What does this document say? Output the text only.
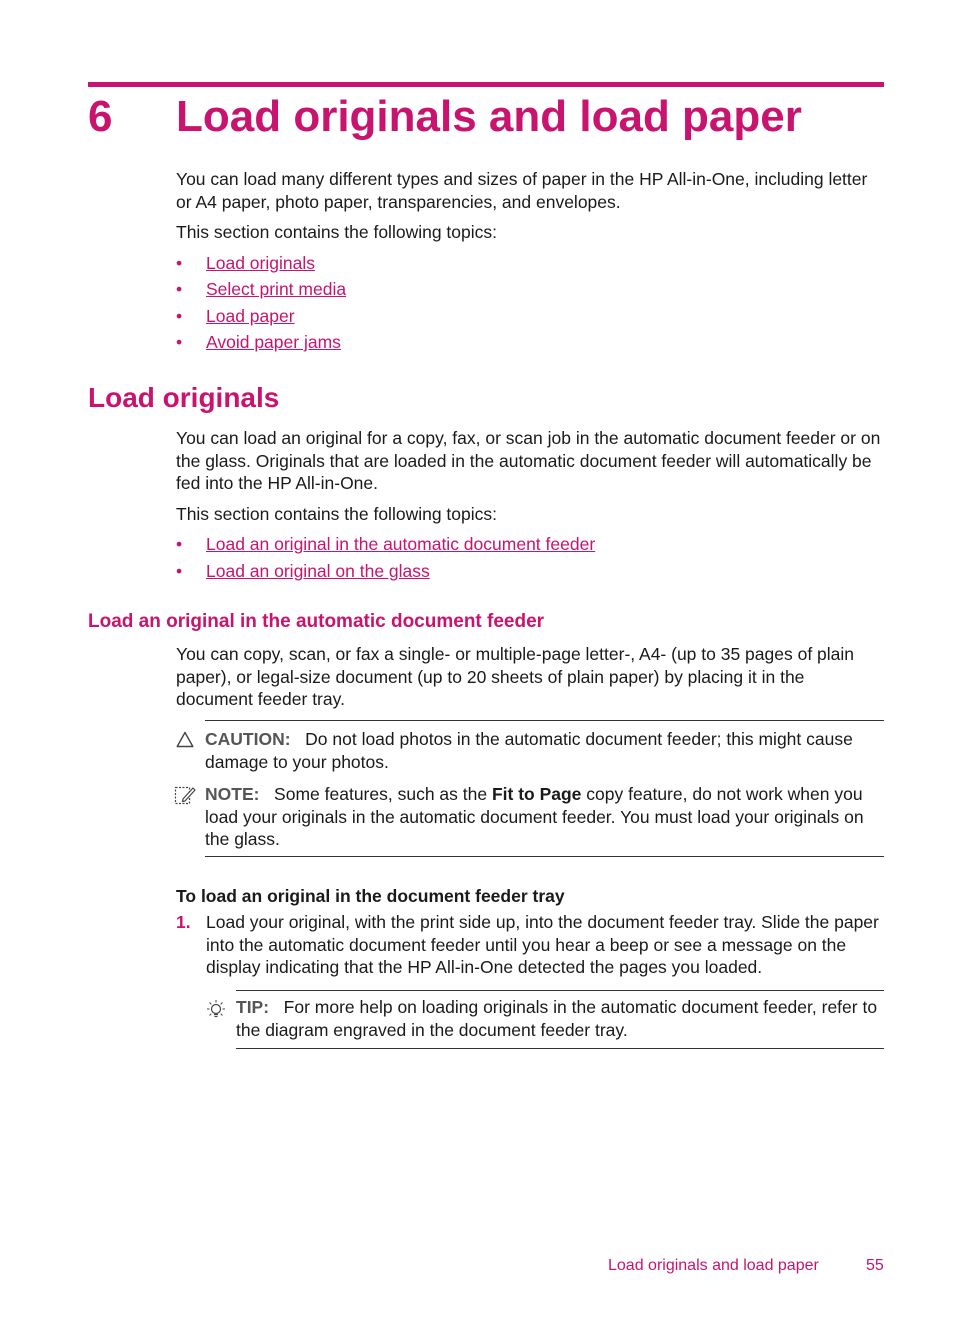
6 Load originals and load paper

You can load many different types and sizes of paper in the HP All-in-One, including letter or A4 paper, photo paper, transparencies, and envelopes.

This section contains the following topics:

• Load originals
• Select print media
• Load paper
• Avoid paper jams
Load originals

You can load an original for a copy, fax, or scan job in the automatic document feeder or on the glass. Originals that are loaded in the automatic document feeder will automatically be fed into the HP All-in-One.

This section contains the following topics:

• Load an original in the automatic document feeder
• Load an original on the glass
Load an original in the automatic document feeder

You can copy, scan, or fax a single- or multiple-page letter-, A4- (up to 35 pages of plain paper), or legal-size document (up to 20 sheets of plain paper) by placing it in the document feeder tray.

CAUTION: Do not load photos in the automatic document feeder; this might cause damage to your photos.
NOTE: Some features, such as the Fit to Page copy feature, do not work when you load your originals in the automatic document feeder. You must load your originals on the glass.
To load an original in the document feeder tray
1. Load your original, with the print side up, into the document feeder tray. Slide the paper into the automatic document feeder until you hear a beep or see a message on the display indicating that the HP All-in-One detected the pages you loaded.
TIP: For more help on loading originals in the automatic document feeder, refer to the diagram engraved in the document feeder tray.
Load originals and load paper	55
